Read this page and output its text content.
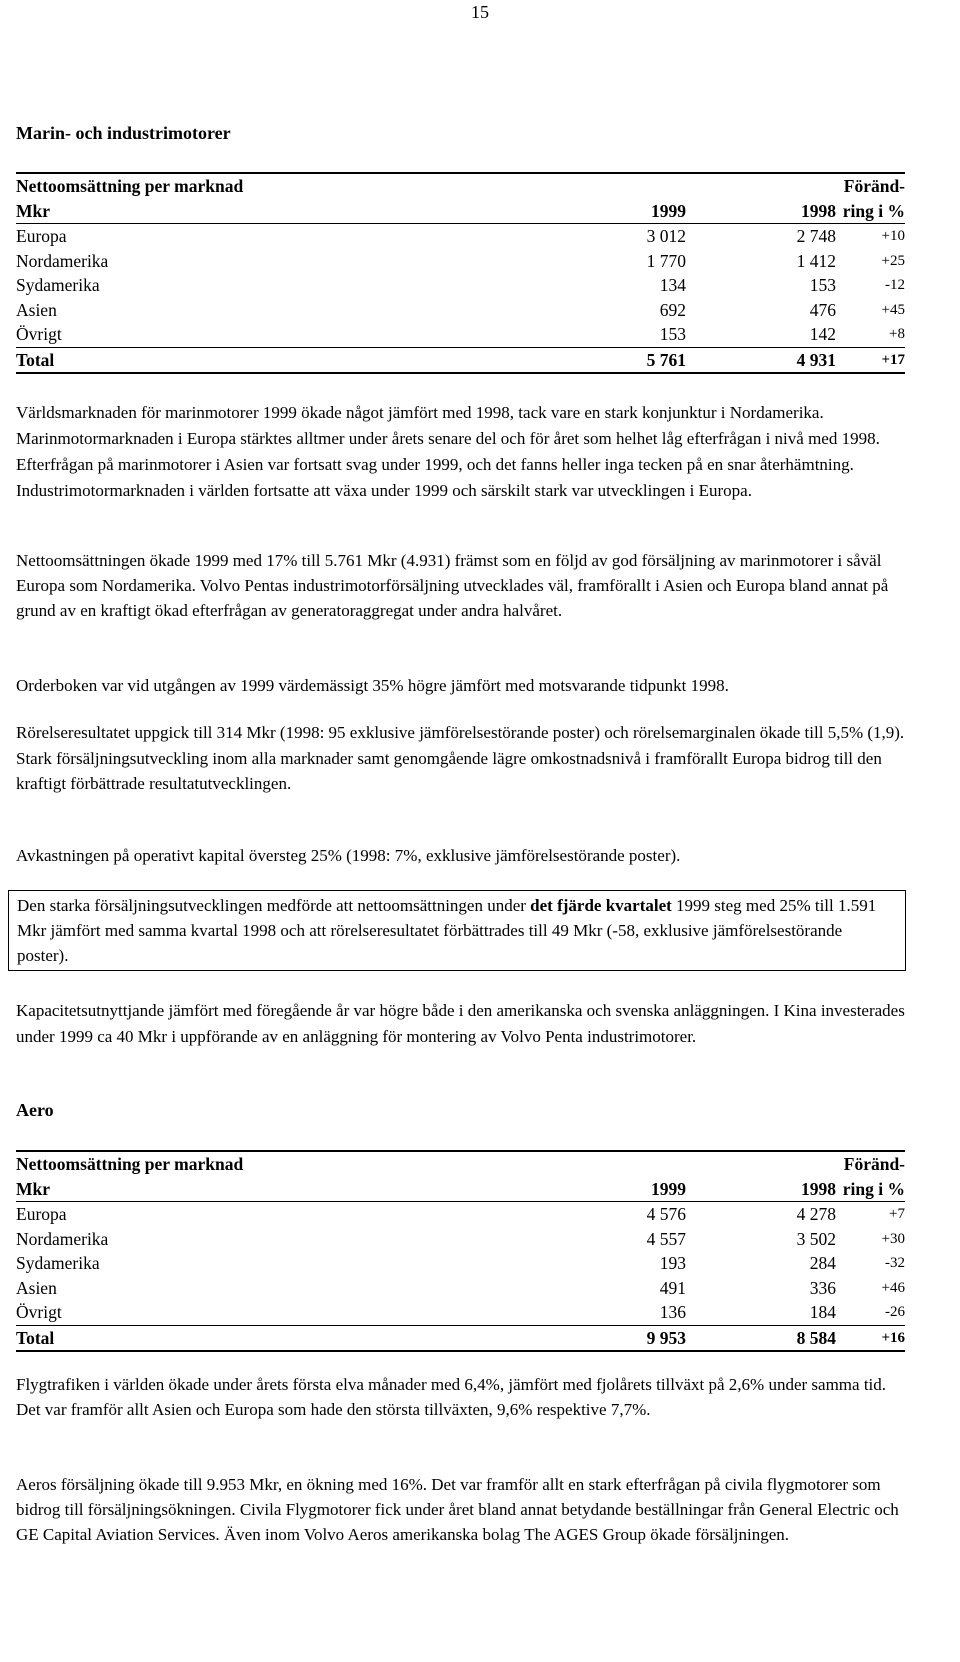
15
Marin- och industrimotorer
Nettoomsättning per marknad			Föränd-
Mkr	1999	1998	ring i %
Europa	3 012	2 748	+10
Nordamerika	1 770	1 412	+25
Sydamerika	134	153	-12
Asien	692	476	+45
Övrigt	153	142	+8
Total	5 761	4 931	+17

Världsmarknaden för marinmotorer 1999 ökade något jämfört med 1998, tack vare en stark konjunktur i Nordamerika. Marinmotormarknaden i Europa stärktes alltmer under årets senare del och för året som helhet låg efterfrågan i nivå med 1998. Efterfrågan på marinmotorer i Asien var fortsatt svag under 1999, och det fanns heller inga tecken på en snar återhämtning. Industrimotormarknaden i världen fortsatte att växa under 1999 och särskilt stark var utvecklingen i Europa.

Nettoomsättningen ökade 1999 med 17% till 5.761 Mkr (4.931) främst som en följd av god försäljning av marinmotorer i såväl Europa som Nordamerika. Volvo Pentas industrimotorförsäljning utvecklades väl, framförallt i Asien och Europa bland annat på grund av en kraftigt ökad efterfrågan av generatoraggregat under andra halvåret.

Orderboken var vid utgången av 1999 värdemässigt 35% högre jämfört med motsvarande tidpunkt 1998.

Rörelseresultatet uppgick till 314 Mkr (1998: 95 exklusive jämförelsestörande poster) och rörelsemarginalen ökade till 5,5% (1,9). Stark försäljningsutveckling inom alla marknader samt genomgående lägre omkostnadsnivå i framförallt Europa bidrog till den kraftigt förbättrade resultatutvecklingen.

Avkastningen på operativt kapital översteg 25% (1998: 7%, exklusive jämförelsestörande poster).

Den starka försäljningsutvecklingen medförde att nettoomsättningen under det fjärde kvartalet 1999 steg med 25% till 1.591 Mkr jämfört med samma kvartal 1998 och att rörelseresultatet förbättrades till 49 Mkr (-58, exklusive jämförelsestörande poster).

Kapacitetsutnyttjande jämfört med föregående år var högre både i den amerikanska och svenska anläggningen. I Kina investerades under 1999 ca 40 Mkr i uppförande av en anläggning för montering av Volvo Penta industrimotorer.

Aero
Nettoomsättning per marknad			Föränd-
Mkr	1999	1998	ring i %
Europa	4 576	4 278	+7
Nordamerika	4 557	3 502	+30
Sydamerika	193	284	-32
Asien	491	336	+46
Övrigt	136	184	-26
Total	9 953	8 584	+16

Flygtrafiken i världen ökade under årets första elva månader med 6,4%, jämfört med fjolårets tillväxt på 2,6% under samma tid. Det var framför allt Asien och Europa som hade den största tillväxten, 9,6% respektive 7,7%.

Aeros försäljning ökade till 9.953 Mkr, en ökning med 16%. Det var framför allt en stark efterfrågan på civila flygmotorer som bidrog till försäljningsökningen. Civila Flygmotorer fick under året bland annat betydande beställningar från General Electric och GE Capital Aviation Services. Även inom Volvo Aeros amerikanska bolag The AGES Group ökade försäljningen.
